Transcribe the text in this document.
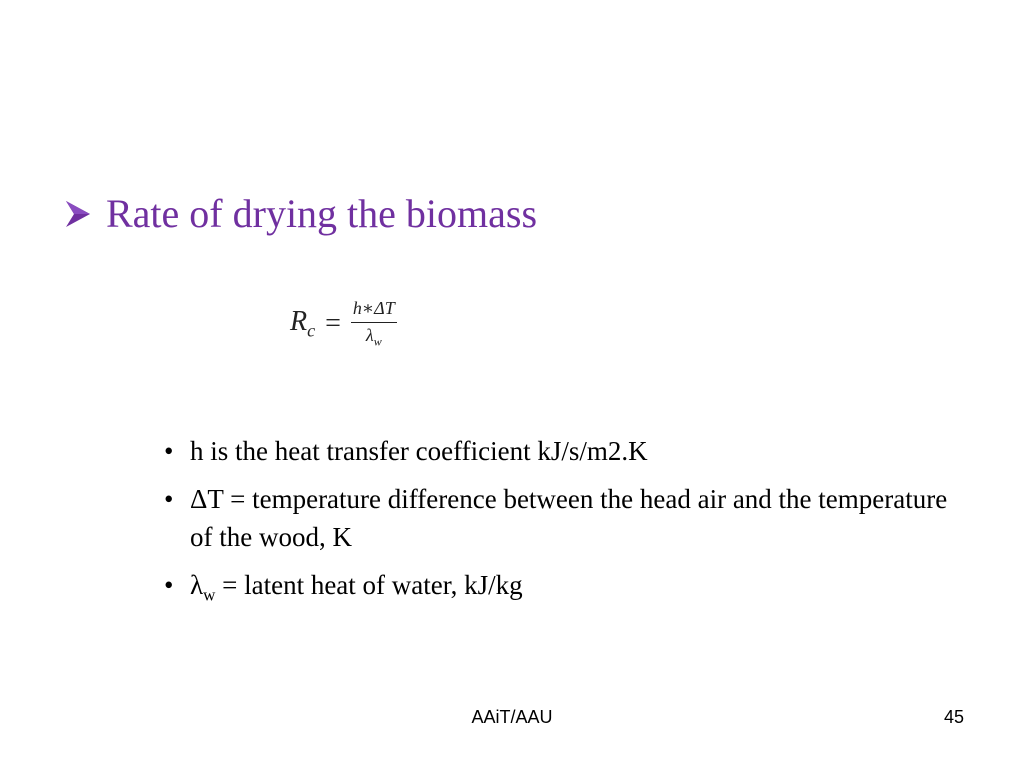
Rate of drying the biomass
$R_c = \frac{h∗\Delta T}{\lambda_w}$
• h is the heat transfer coefficient kJ/s/m2.K
• ΔT = temperature difference between the head air and the temperature of the wood, K
• $\lambda_w$ = latent heat of water, kJ/kg
AAiT/AAU	45
